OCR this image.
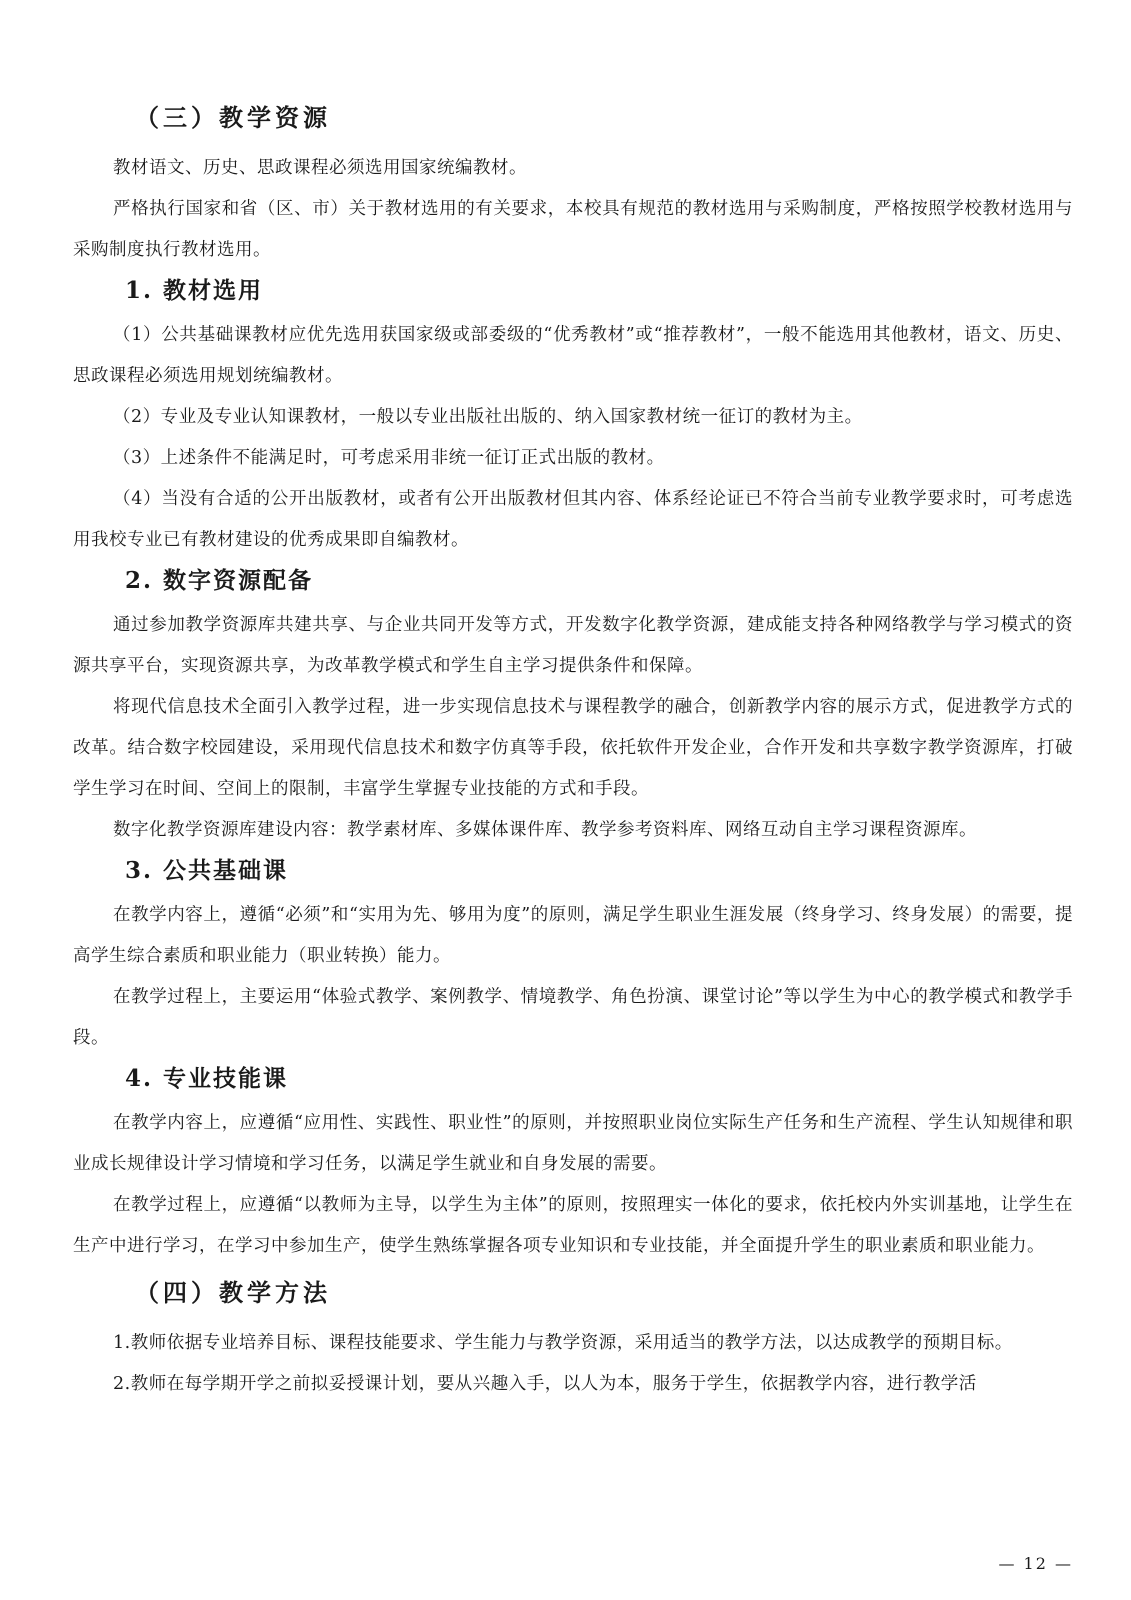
（三）教学资源

教材语文、历史、思政课程必须选用国家统编教材。

严格执行国家和省（区、市）关于教材选用的有关要求，本校具有规范的教材选用与采购制度，严格按照学校教材选用与采购制度执行教材选用。

1. 教材选用

（1）公共基础课教材应优先选用获国家级或部委级的“优秀教材”或“推荐教材”，一般不能选用其他教材，语文、历史、思政课程必须选用规划统编教材。

（2）专业及专业认知课教材，一般以专业出版社出版的、纳入国家教材统一征订的教材为主。

（3）上述条件不能满足时，可考虑采用非统一征订正式出版的教材。

（4）当没有合适的公开出版教材，或者有公开出版教材但其内容、体系经论证已不符合当前专业教学要求时，可考虑选用我校专业已有教材建设的优秀成果即自编教材。

2. 数字资源配备

通过参加教学资源库共建共享、与企业共同开发等方式，开发数字化教学资源，建成能支持各种网络教学与学习模式的资源共享平台，实现资源共享，为改革教学模式和学生自主学习提供条件和保障。

将现代信息技术全面引入教学过程，进一步实现信息技术与课程教学的融合，创新教学内容的展示方式，促进教学方式的改革。结合数字校园建设，采用现代信息技术和数字仿真等手段，依托软件开发企业，合作开发和共享数字教学资源库，打破学生学习在时间、空间上的限制，丰富学生掌握专业技能的方式和手段。

数字化教学资源库建设内容：教学素材库、多媒体课件库、教学参考资料库、网络互动自主学习课程资源库。

3. 公共基础课

在教学内容上，遵循“必须”和“实用为先、够用为度”的原则，满足学生职业生涯发展（终身学习、终身发展）的需要，提高学生综合素质和职业能力（职业转换）能力。

在教学过程上，主要运用“体验式教学、案例教学、情境教学、角色扮演、课堂讨论”等以学生为中心的教学模式和教学手段。

4. 专业技能课

在教学内容上，应遵循“应用性、实践性、职业性”的原则，并按照职业岗位实际生产任务和生产流程、学生认知规律和职业成长规律设计学习情境和学习任务，以满足学生就业和自身发展的需要。

在教学过程上，应遵循“以教师为主导，以学生为主体”的原则，按照理实一体化的要求，依托校内外实训基地，让学生在生产中进行学习，在学习中参加生产，使学生熟练掌握各项专业知识和专业技能，并全面提升学生的职业素质和职业能力。

（四）教学方法

1.教师依据专业培养目标、课程技能要求、学生能力与教学资源，采用适当的教学方法，以达成教学的预期目标。

2.教师在每学期开学之前拟妥授课计划，要从兴趣入手，以人为本，服务于学生，依据教学内容，进行教学活

— 12 —
